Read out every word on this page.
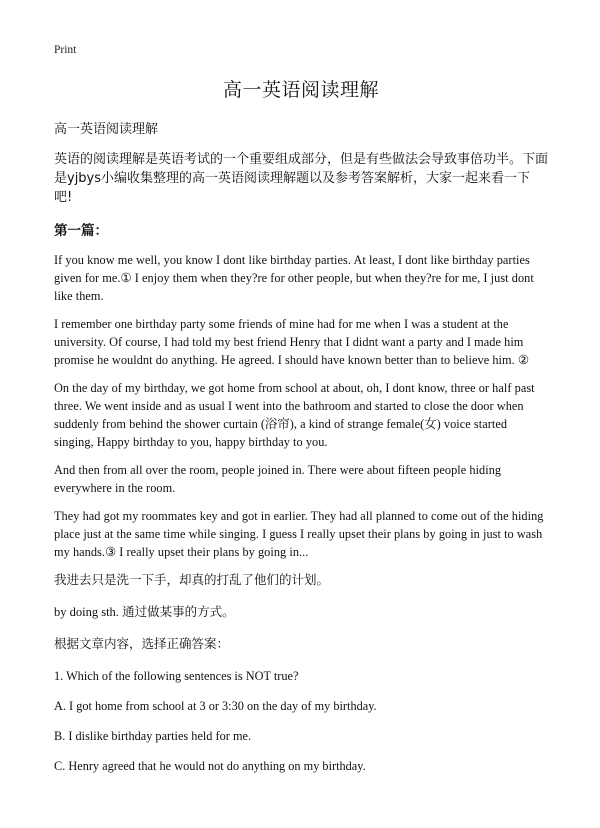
Print
高一英语阅读理解
高一英语阅读理解
英语的阅读理解是英语考试的一个重要组成部分，但是有些做法会导致事倍功半。下面是yjbys小编收集整理的高一英语阅读理解题以及参考答案解析，大家一起来看一下吧!
第一篇：
If you know me well, you know I dont like birthday parties. At least, I dont like birthday parties given for me.① I enjoy them when they?re for other people, but when they?re for me, I just dont like them.
I remember one birthday party some friends of mine had for me when I was a student at the university. Of course, I had told my best friend Henry that I didnt want a party and I made him promise he wouldnt do anything. He agreed. I should have known better than to believe him. ②
On the day of my birthday, we got home from school at about, oh, I dont know, three or half past three. We went inside and as usual I went into the bathroom and started to close the door when suddenly from behind the shower curtain (浴帘), a kind of strange female(女) voice started singing, Happy birthday to you, happy birthday to you.
And then from all over the room, people joined in. There were about fifteen people hiding everywhere in the room.
They had got my roommates key and got in earlier. They had all planned to come out of the hiding place just at the same time while singing. I guess I really upset their plans by going in just to wash my hands.③ I really upset their plans by going in...
我进去只是洗一下手，却真的打乱了他们的计划。
by doing sth. 通过做某事的方式。
根据文章内容，选择正确答案：
1. Which of the following sentences is NOT true?
A. I got home from school at 3 or 3:30 on the day of my birthday.
B. I dislike birthday parties held for me.
C. Henry agreed that he would not do anything on my birthday.
